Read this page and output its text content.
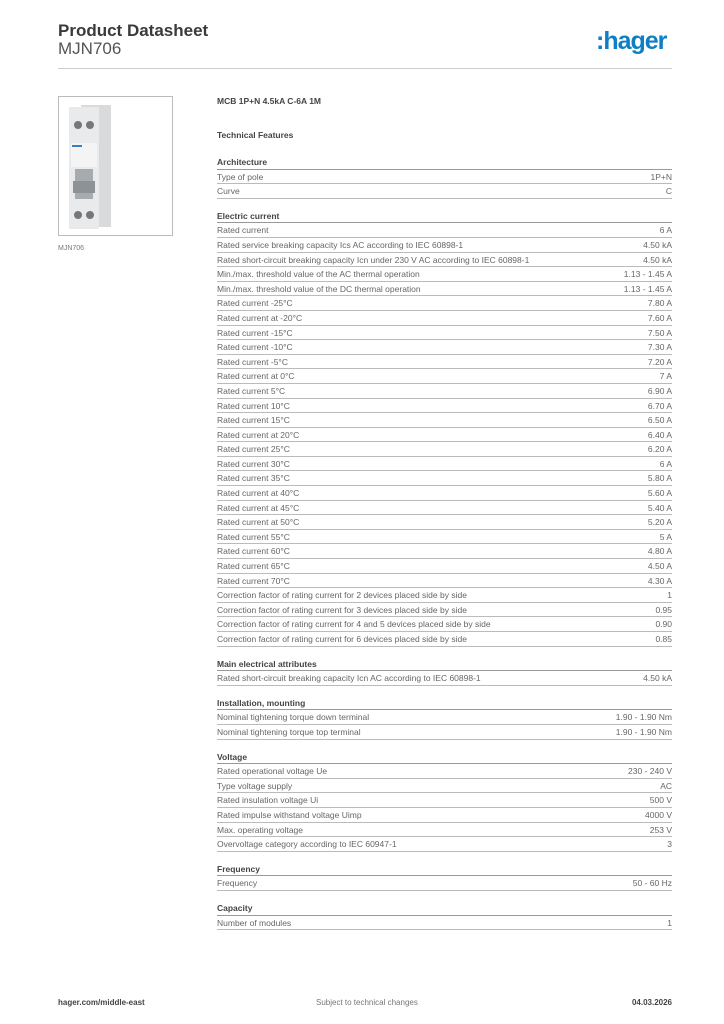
Product Datasheet
MJN706	:hager
MJN706
MCB 1P+N 4.5kA C-6A 1M
Technical Features
Architecture
Type of pole	1P+N
Curve	C
Electric current
Rated current	6 A
Rated service breaking capacity Ics AC according to IEC 60898-1	4.50 kA
Rated short-circuit breaking capacity Icn under 230 V AC according to IEC 60898-1	4.50 kA
Min./max. threshold value of the AC thermal operation	1.13 - 1.45 A
Min./max. threshold value of the DC thermal operation	1.13 - 1.45 A
Rated current -25°C	7.80 A
Rated current at -20°C	7.60 A
Rated current -15°C	7.50 A
Rated current -10°C	7.30 A
Rated current -5°C	7.20 A
Rated current at 0°C	7 A
Rated current 5°C	6.90 A
Rated current 10°C	6.70 A
Rated current 15°C	6.50 A
Rated current at 20°C	6.40 A
Rated current 25°C	6.20 A
Rated current 30°C	6 A
Rated current 35°C	5.80 A
Rated current at 40°C	5.60 A
Rated current at 45°C	5.40 A
Rated current at 50°C	5.20 A
Rated current 55°C	5 A
Rated current 60°C	4.80 A
Rated current 65°C	4.50 A
Rated current 70°C	4.30 A
Correction factor of rating current for 2 devices placed side by side	1
Correction factor of rating current for 3 devices placed side by side	0.95
Correction factor of rating current for 4 and 5 devices placed side by side	0.90
Correction factor of rating current for 6 devices placed side by side	0.85
Main electrical attributes
Rated short-circuit breaking capacity Icn AC according to IEC 60898-1	4.50 kA
Installation, mounting
Nominal tightening torque down terminal	1.90 - 1.90 Nm
Nominal tightening torque top terminal	1.90 - 1.90 Nm
Voltage
Rated operational voltage Ue	230 - 240 V
Type voltage supply	AC
Rated insulation voltage Ui	500 V
Rated impulse withstand voltage Uimp	4000 V
Max. operating voltage	253 V
Overvoltage category according to IEC 60947-1	3
Frequency
Frequency	50 - 60 Hz
Capacity
Number of modules	1
hager.com/middle-east	Subject to technical changes	04.03.2026
